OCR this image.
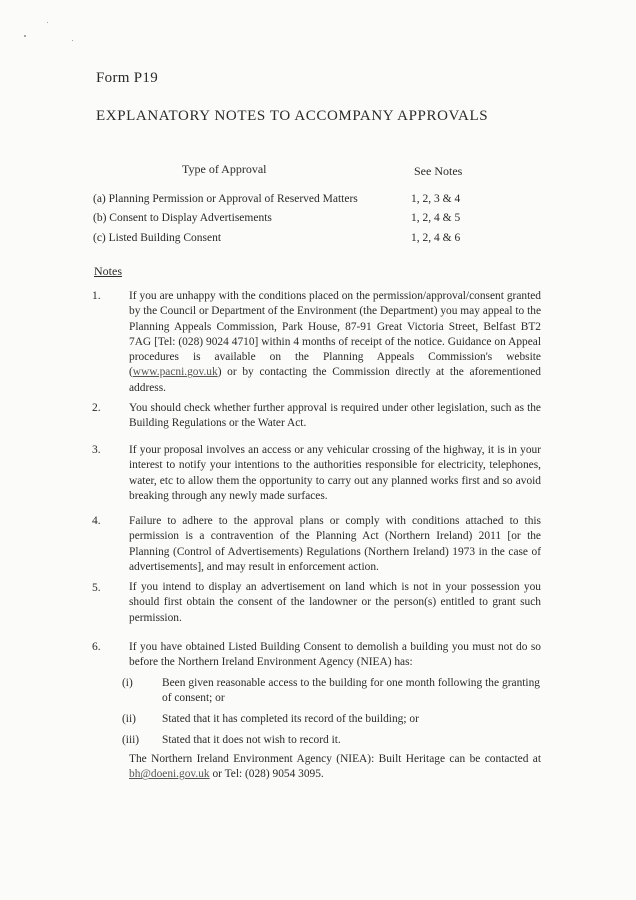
Form P19
EXPLANATORY NOTES TO ACCOMPANY APPROVALS
Type of Approval	See Notes
(a) Planning Permission or Approval of Reserved Matters	1, 2, 3 & 4
(b) Consent to Display Advertisements	1, 2, 4 & 5
(c) Listed Building Consent	1, 2, 4 & 6
Notes
1. If you are unhappy with the conditions placed on the permission/approval/consent granted by the Council or Department of the Environment (the Department) you may appeal to the Planning Appeals Commission, Park House, 87-91 Great Victoria Street, Belfast BT2 7AG [Tel: (028) 9024 4710] within 4 months of receipt of the notice. Guidance on Appeal procedures is available on the Planning Appeals Commission's website (www.pacni.gov.uk) or by contacting the Commission directly at the aforementioned address.
2. You should check whether further approval is required under other legislation, such as the Building Regulations or the Water Act.
3. If your proposal involves an access or any vehicular crossing of the highway, it is in your interest to notify your intentions to the authorities responsible for electricity, telephones, water, etc to allow them the opportunity to carry out any planned works first and so avoid breaking through any newly made surfaces.
4. Failure to adhere to the approval plans or comply with conditions attached to this permission is a contravention of the Planning Act (Northern Ireland) 2011 [or the Planning (Control of Advertisements) Regulations (Northern Ireland) 1973 in the case of advertisements], and may result in enforcement action.
5. If you intend to display an advertisement on land which is not in your possession you should first obtain the consent of the landowner or the person(s) entitled to grant such permission.
6. If you have obtained Listed Building Consent to demolish a building you must not do so before the Northern Ireland Environment Agency (NIEA) has:
(i)	Been given reasonable access to the building for one month following the granting of consent; or
(ii) Stated that it has completed its record of the building; or
(iii) Stated that it does not wish to record it.
The Northern Ireland Environment Agency (NIEA): Built Heritage can be contacted at bh@doeni.gov.uk or Tel: (028) 9054 3095.
